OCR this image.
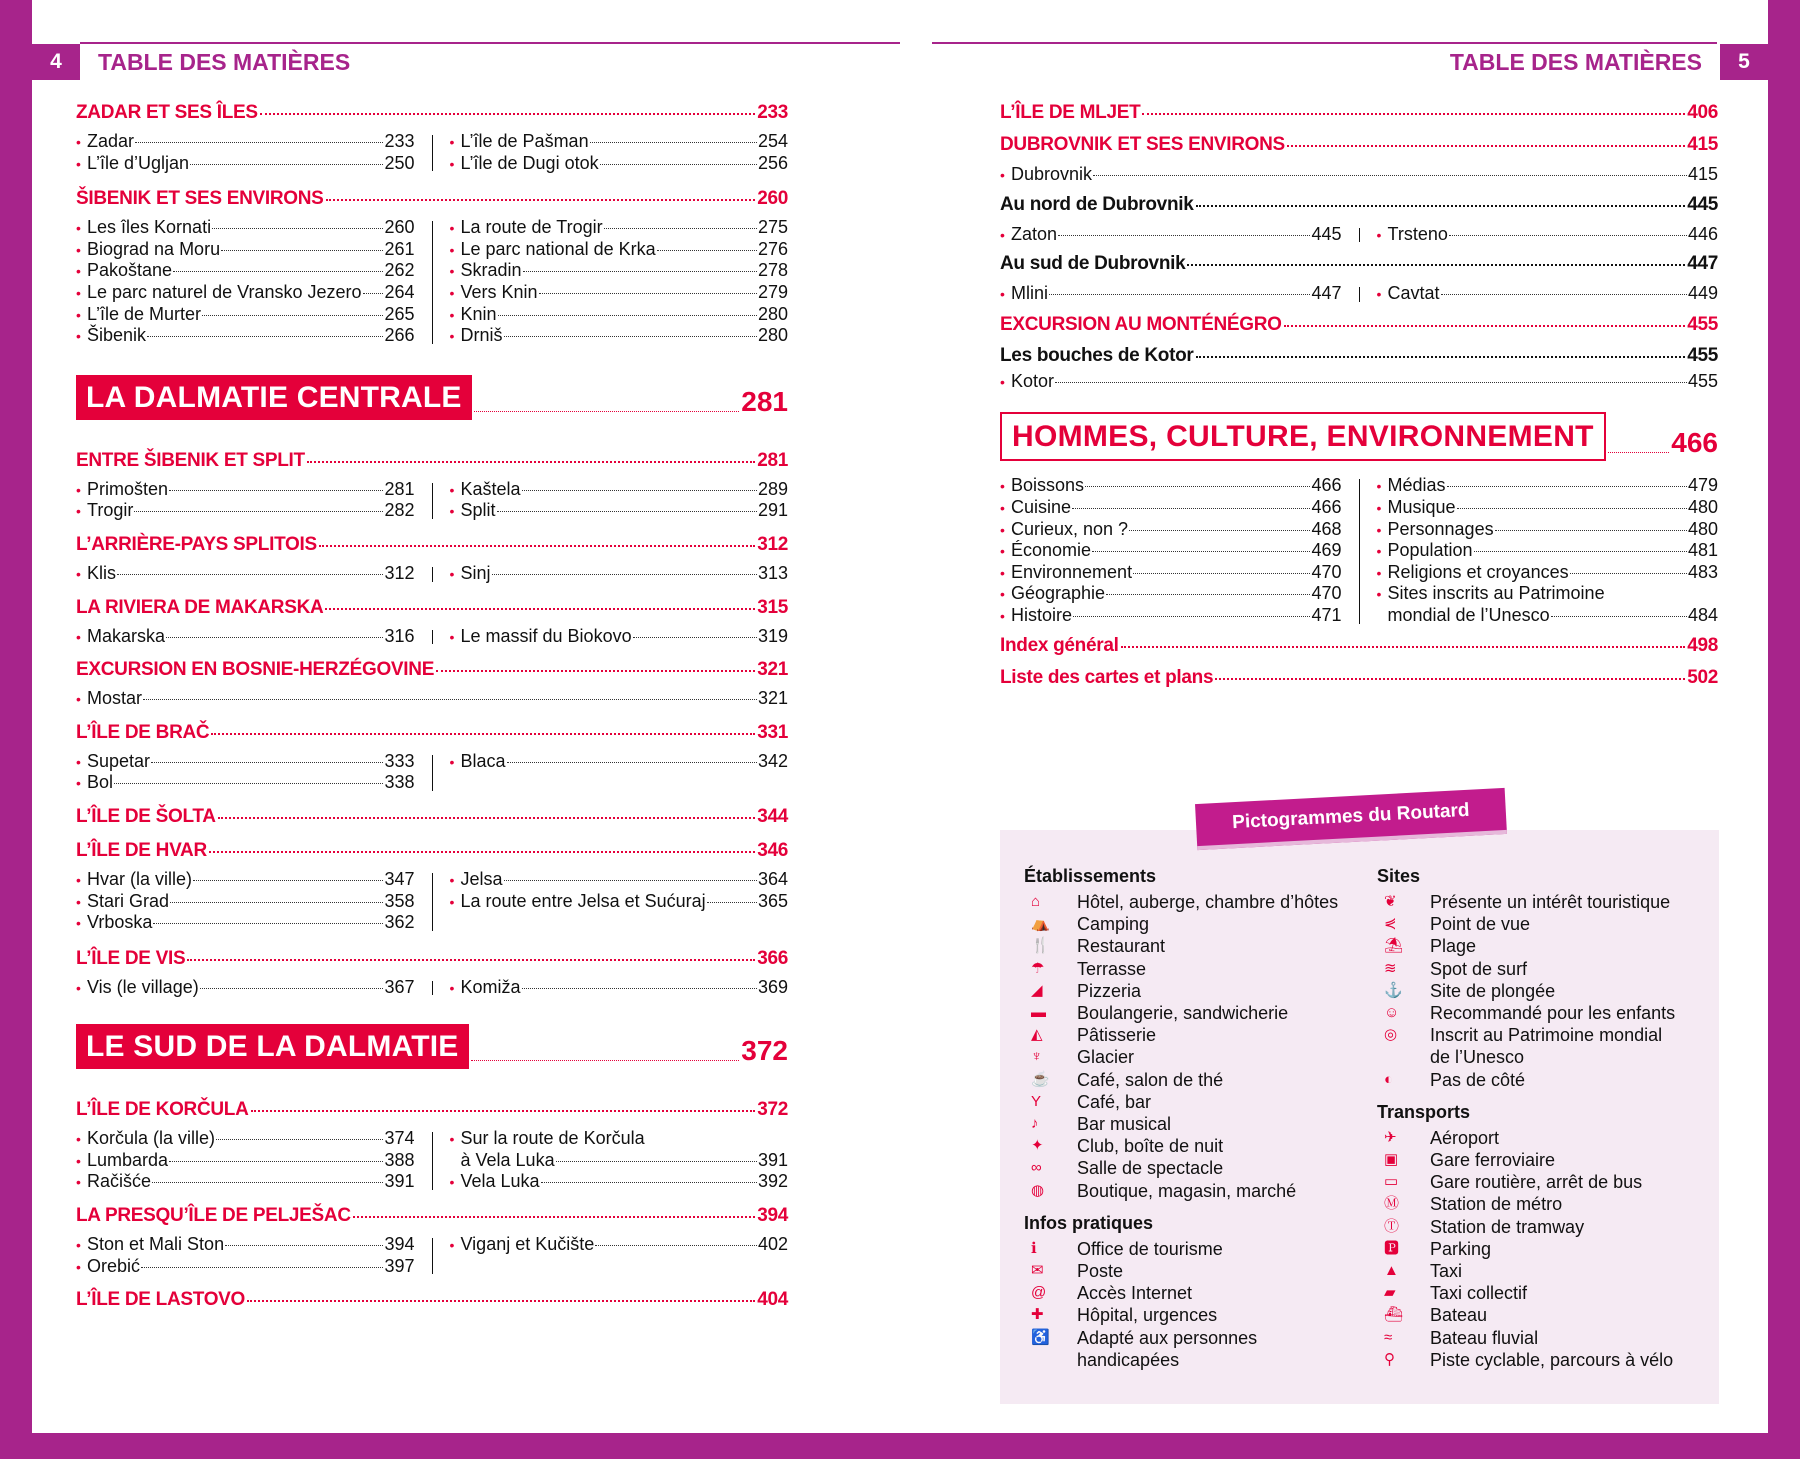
4	TABLE DES MATIÈRES	TABLE DES MATIÈRES	5
ZADAR ET SES ÎLES	233
• Zadar	233
• L’île d’Ugljan	250
• L’île de Pašman	254
• L’île de Dugi otok	256
ŠIBENIK ET SES ENVIRONS	260
• Les îles Kornati	260
• Biograd na Moru	261
• Pakoštane	262
• Le parc naturel de Vransko Jezero 264
• L’île de Murter	265
• Šibenik	266
• La route de Trogir	275
• Le parc national de Krka	276
• Skradin	278
• Vers Knin	279
• Knin	280
• Drniš	280
LA DALMATIE CENTRALE	281
ENTRE ŠIBENIK ET SPLIT	281
• Primošten	281
• Trogir	282
• Kaštela	289
• Split	291
L’ARRIÈRE-PAYS SPLITOIS	312
• Klis	312	• Sinj	313
LA RIVIERA DE MAKARSKA	315
• Makarska	316	• Le massif du Biokovo	319
EXCURSION EN BOSNIE-HERZÉGOVINE	321
• Mostar	321
L’ÎLE DE BRAČ	331
• Supetar	333
• Bol	338
• Blaca	342
L’ÎLE DE ŠOLTA	344
L’ÎLE DE HVAR	346
• Hvar (la ville)	347
• Stari Grad	358
• Vrboska	362
• Jelsa	364
• La route entre Jelsa et Sućuraj	365
L’ÎLE DE VIS	366
• Vis (le village)	367	• Komiža	369
LE SUD DE LA DALMATIE	372
L’ÎLE DE KORČULA	372
• Korčula (la ville)	374
• Lumbarda	388
• Račišće	391
• Sur la route de Korčula
à Vela Luka	391
• Vela Luka	392
LA PRESQU’ÎLE DE PELJEŠAC	394
• Ston et Mali Ston	394
• Orebić	397
• Viganj et Kučište	402
L’ÎLE DE LASTOVO	404
L’ÎLE DE MLJET	406
DUBROVNIK ET SES ENVIRONS	415
• Dubrovnik	415
Au nord de Dubrovnik	445
• Zaton	445	• Trsteno	446
Au sud de Dubrovnik	447
• Mlini	447	• Cavtat	449
EXCURSION AU MONTÉNÉGRO	455
Les bouches de Kotor	455
• Kotor	455
HOMMES, CULTURE, ENVIRONNEMENT	466
• Boissons	466
• Cuisine	466
• Curieux, non ?	468
• Économie	469
• Environnement	470
• Géographie	470
• Histoire	471
• Médias	479
• Musique	480
• Personnages	480
• Population	481
• Religions et croyances	483
• Sites inscrits au Patrimoine
mondial de l’Unesco	484
Index général	498
Liste des cartes et plans	502
Pictogrammes du Routard
Établissements
⌂	Hôtel, auberge, chambre d’hôtes
⛺	Camping
🍴	Restaurant
☂	Terrasse
◢	Pizzeria
▬	Boulangerie, sandwicherie
◭	Pâtisserie
♆	Glacier
☕	Café, salon de thé
Y	Café, bar
♪	Bar musical
✦	Club, boîte de nuit
∞	Salle de spectacle
◍	Boutique, magasin, marché
Infos pratiques
ℹ	Office de tourisme
✉	Poste
@	Accès Internet
✚	Hôpital, urgences
♿	Adapté aux personnes
handicapées
Sites
❦	Présente un intérêt touristique
⋞	Point de vue
⛱	Plage
≋	Spot de surf
⚓	Site de plongée
☺	Recommandé pour les enfants
◎	Inscrit au Patrimoine mondial
de l’Unesco
◐	Pas de côté
Transports
✈	Aéroport
▣	Gare ferroviaire
▭	Gare routière, arrêt de bus
Ⓜ	Station de métro
Ⓣ	Station de tramway
🅿	Parking
▲	Taxi
▰	Taxi collectif
⛴	Bateau
≈	Bateau fluvial
⚲	Piste cyclable, parcours à vélo
